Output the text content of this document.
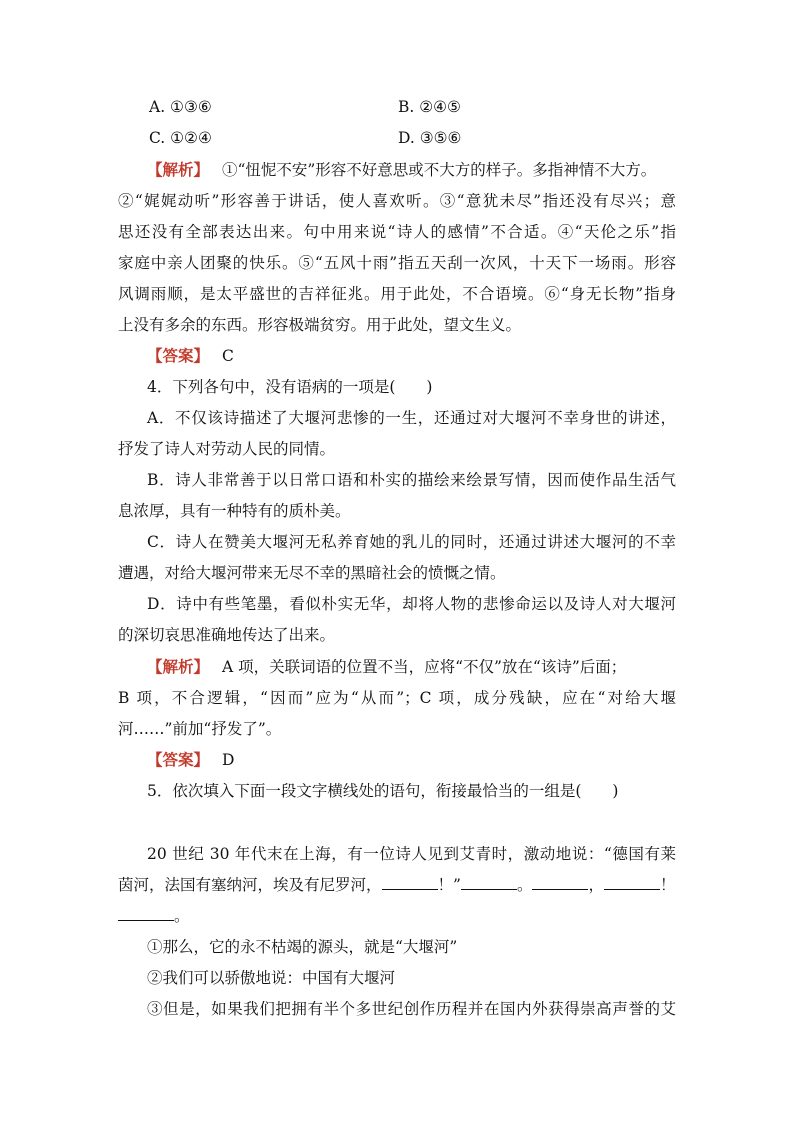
A. ①③⑥	B. ②④⑤
C. ①②④	D. ③⑤⑥
【解析】 ①“忸怩不安”形容不好意思或不大方的样子。多指神情不大方。
②“娓娓动听”形容善于讲话，使人喜欢听。③“意犹未尽”指还没有尽兴；意
思还没有全部表达出来。句中用来说“诗人的感情”不合适。④“天伦之乐”指
家庭中亲人团聚的快乐。⑤“五风十雨”指五天刮一次风，十天下一场雨。形容
风调雨顺，是太平盛世的吉祥征兆。用于此处，不合语境。⑥“身无长物”指身
上没有多余的东西。形容极端贫穷。用于此处，望文生义。
【答案】 C
4．下列各句中，没有语病的一项是(　　)
A．不仅该诗描述了大堰河悲惨的一生，还通过对大堰河不幸身世的讲述，
抒发了诗人对劳动人民的同情。
B．诗人非常善于以日常口语和朴实的描绘来绘景写情，因而使作品生活气
息浓厚，具有一种特有的质朴美。
C．诗人在赞美大堰河无私养育她的乳儿的同时，还通过讲述大堰河的不幸
遭遇，对给大堰河带来无尽不幸的黑暗社会的愤慨之情。
D．诗中有些笔墨，看似朴实无华，却将人物的悲惨命运以及诗人对大堰河
的深切哀思准确地传达了出来。
【解析】 A 项，关联词语的位置不当，应将“不仅”放在“该诗”后面；
B 项，不合逻辑，“因而”应为“从而”；C 项，成分残缺，应在“对给大堰
河……”前加“抒发了”。
【答案】 D
5．依次填入下面一段文字横线处的语句，衔接最恰当的一组是(　　)
20 世纪 30 年代末在上海，有一位诗人见到艾青时，激动地说：“德国有莱
茵河，法国有塞纳河，埃及有尼罗河，	！”	。	，	！
。
①那么，它的永不枯竭的源头，就是“大堰河”
②我们可以骄傲地说：中国有大堰河
③但是，如果我们把拥有半个多世纪创作历程并在国内外获得崇高声誉的艾
